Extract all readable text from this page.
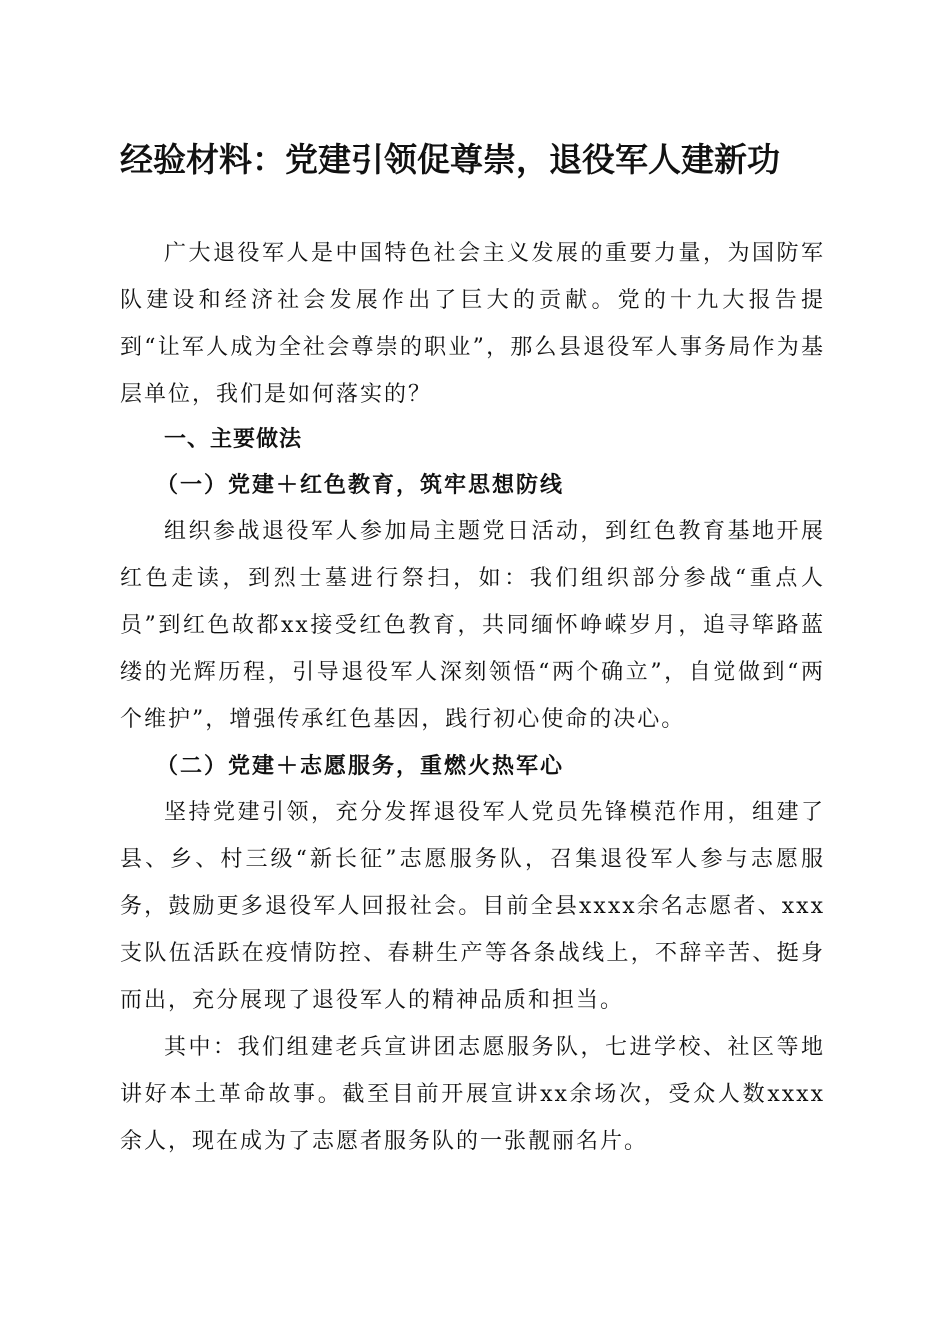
经验材料：党建引领促尊崇，退役军人建新功

广大退役军人是中国特色社会主义发展的重要力量，为国防军队建设和经济社会发展作出了巨大的贡献。党的十九大报告提到“让军人成为全社会尊崇的职业”，那么县退役军人事务局作为基层单位，我们是如何落实的？

一、主要做法

（一）党建＋红色教育，筑牢思想防线

组织参战退役军人参加局主题党日活动，到红色教育基地开展红色走读，到烈士墓进行祭扫，如：我们组织部分参战“重点人员”到红色故都xx接受红色教育，共同缅怀峥嵘岁月，追寻筚路蓝缕的光辉历程，引导退役军人深刻领悟“两个确立”，自觉做到“两个维护”，增强传承红色基因，践行初心使命的决心。

（二）党建＋志愿服务，重燃火热军心

坚持党建引领，充分发挥退役军人党员先锋模范作用，组建了县、乡、村三级“新长征”志愿服务队，召集退役军人参与志愿服务，鼓励更多退役军人回报社会。目前全县xxxx余名志愿者、xxx支队伍活跃在疫情防控、春耕生产等各条战线上，不辞辛苦、挺身而出，充分展现了退役军人的精神品质和担当。

其中：我们组建老兵宣讲团志愿服务队，七进学校、社区等地讲好本土革命故事。截至目前开展宣讲xx余场次，受众人数xxxx余人，现在成为了志愿者服务队的一张靓丽名片。
